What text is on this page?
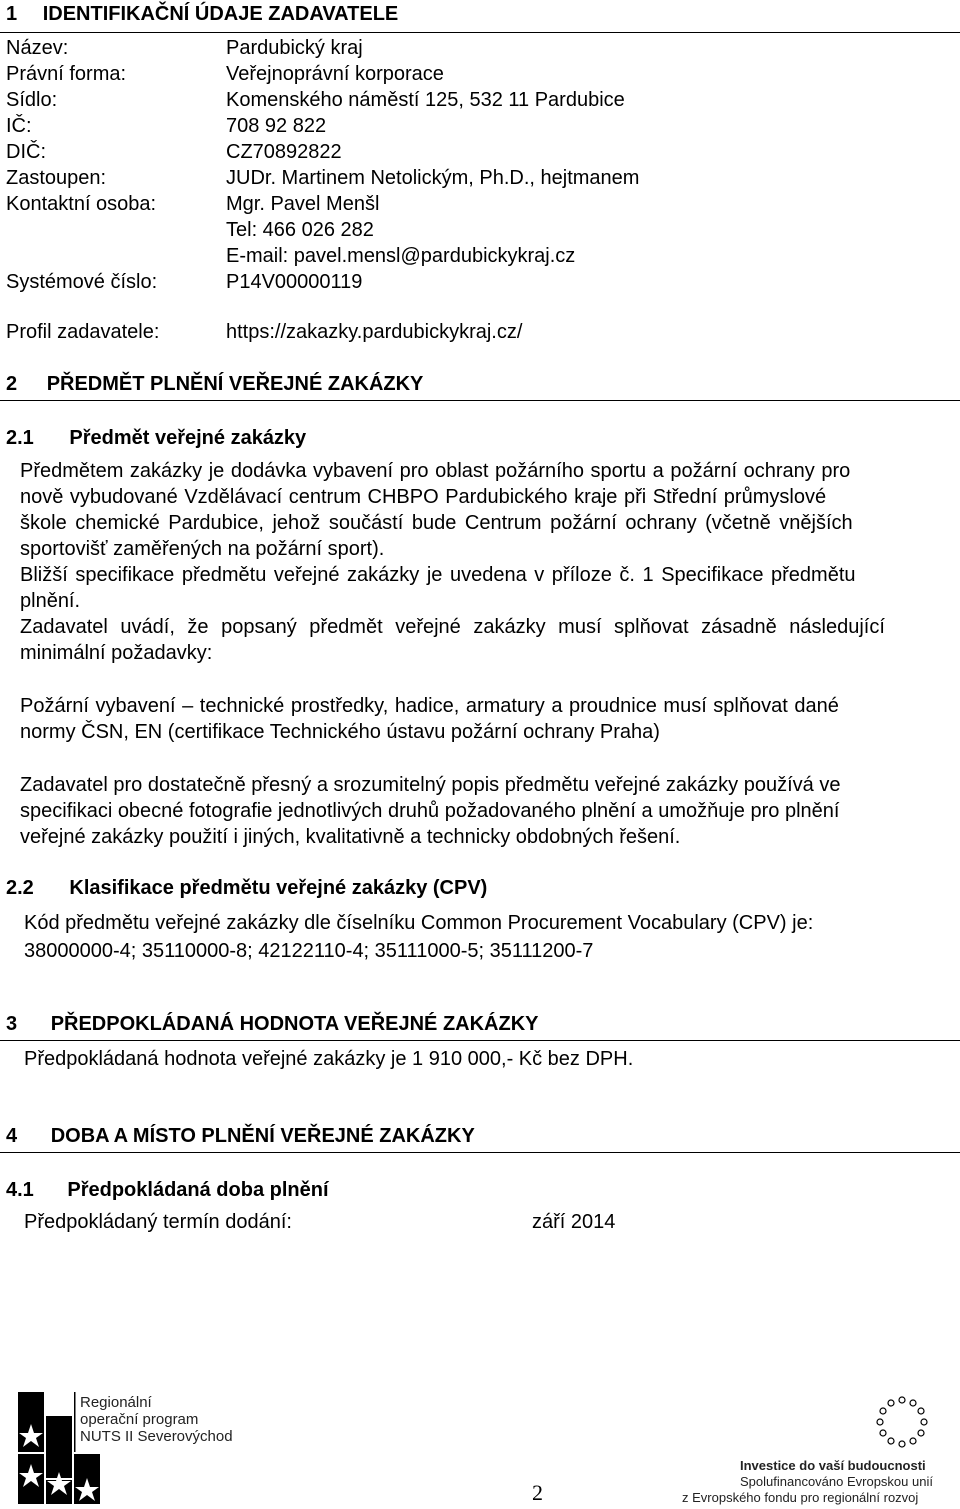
1 IDENTIFIKAČNÍ ÚDAJE ZADAVATELE
Název:	Pardubický kraj
Právní forma:	Veřejnoprávní korporace
Sídlo:	Komenského náměstí 125, 532 11 Pardubice
IČ:	708 92 822
DIČ:	CZ70892822
Zastoupen:	JUDr. Martinem Netolickým, Ph.D., hejtmanem
Kontaktní osoba:	Mgr. Pavel Menšl
Tel: 466 026 282
E-mail: pavel.mensl@pardubickykraj.cz
Systémové číslo:	P14V00000119
Profil zadavatele:	https://zakazky.pardubickykraj.cz/
2 PŘEDMĚT PLNĚNÍ VEŘEJNÉ ZAKÁZKY
2.1 Předmět veřejné zakázky
Předmětem zakázky je dodávka vybavení pro oblast požárního sportu a požární ochrany pro
nově vybudované Vzdělávací centrum CHBPO Pardubického kraje při Střední průmyslové
škole chemické Pardubice, jehož součástí bude Centrum požární ochrany (včetně vnějších
sportovišť zaměřených na požární sport).
Bližší specifikace předmětu veřejné zakázky je uvedena v příloze č. 1 Specifikace předmětu
plnění.
Zadavatel uvádí, že popsaný předmět veřejné zakázky musí splňovat zásadně následující
minimální požadavky:
Požární vybavení – technické prostředky, hadice, armatury a proudnice musí splňovat dané
normy ČSN, EN (certifikace Technického ústavu požární ochrany Praha)
Zadavatel pro dostatečně přesný a srozumitelný popis předmětu veřejné zakázky používá ve
specifikaci obecné fotografie jednotlivých druhů požadovaného plnění a umožňuje pro plnění
veřejné zakázky použití i jiných, kvalitativně a technicky obdobných řešení.
2.2 Klasifikace předmětu veřejné zakázky (CPV)
Kód předmětu veřejné zakázky dle číselníku Common Procurement Vocabulary (CPV) je:
38000000-4; 35110000-8; 42122110-4; 35111000-5; 35111200-7
3 PŘEDPOKLÁDANÁ HODNOTA VEŘEJNÉ ZAKÁZKY
Předpokládaná hodnota veřejné zakázky je 1 910 000,- Kč bez DPH.
4 DOBA A MÍSTO PLNĚNÍ VEŘEJNÉ ZAKÁZKY
4.1 Předpokládaná doba plnění
Předpokládaný termín dodání:	září 2014
Regionální
operační program
NUTS II Severovýchod
Investice do vaší budoucnosti
Spolufinancováno Evropskou unií
z Evropského fondu pro regionální rozvoj
2
